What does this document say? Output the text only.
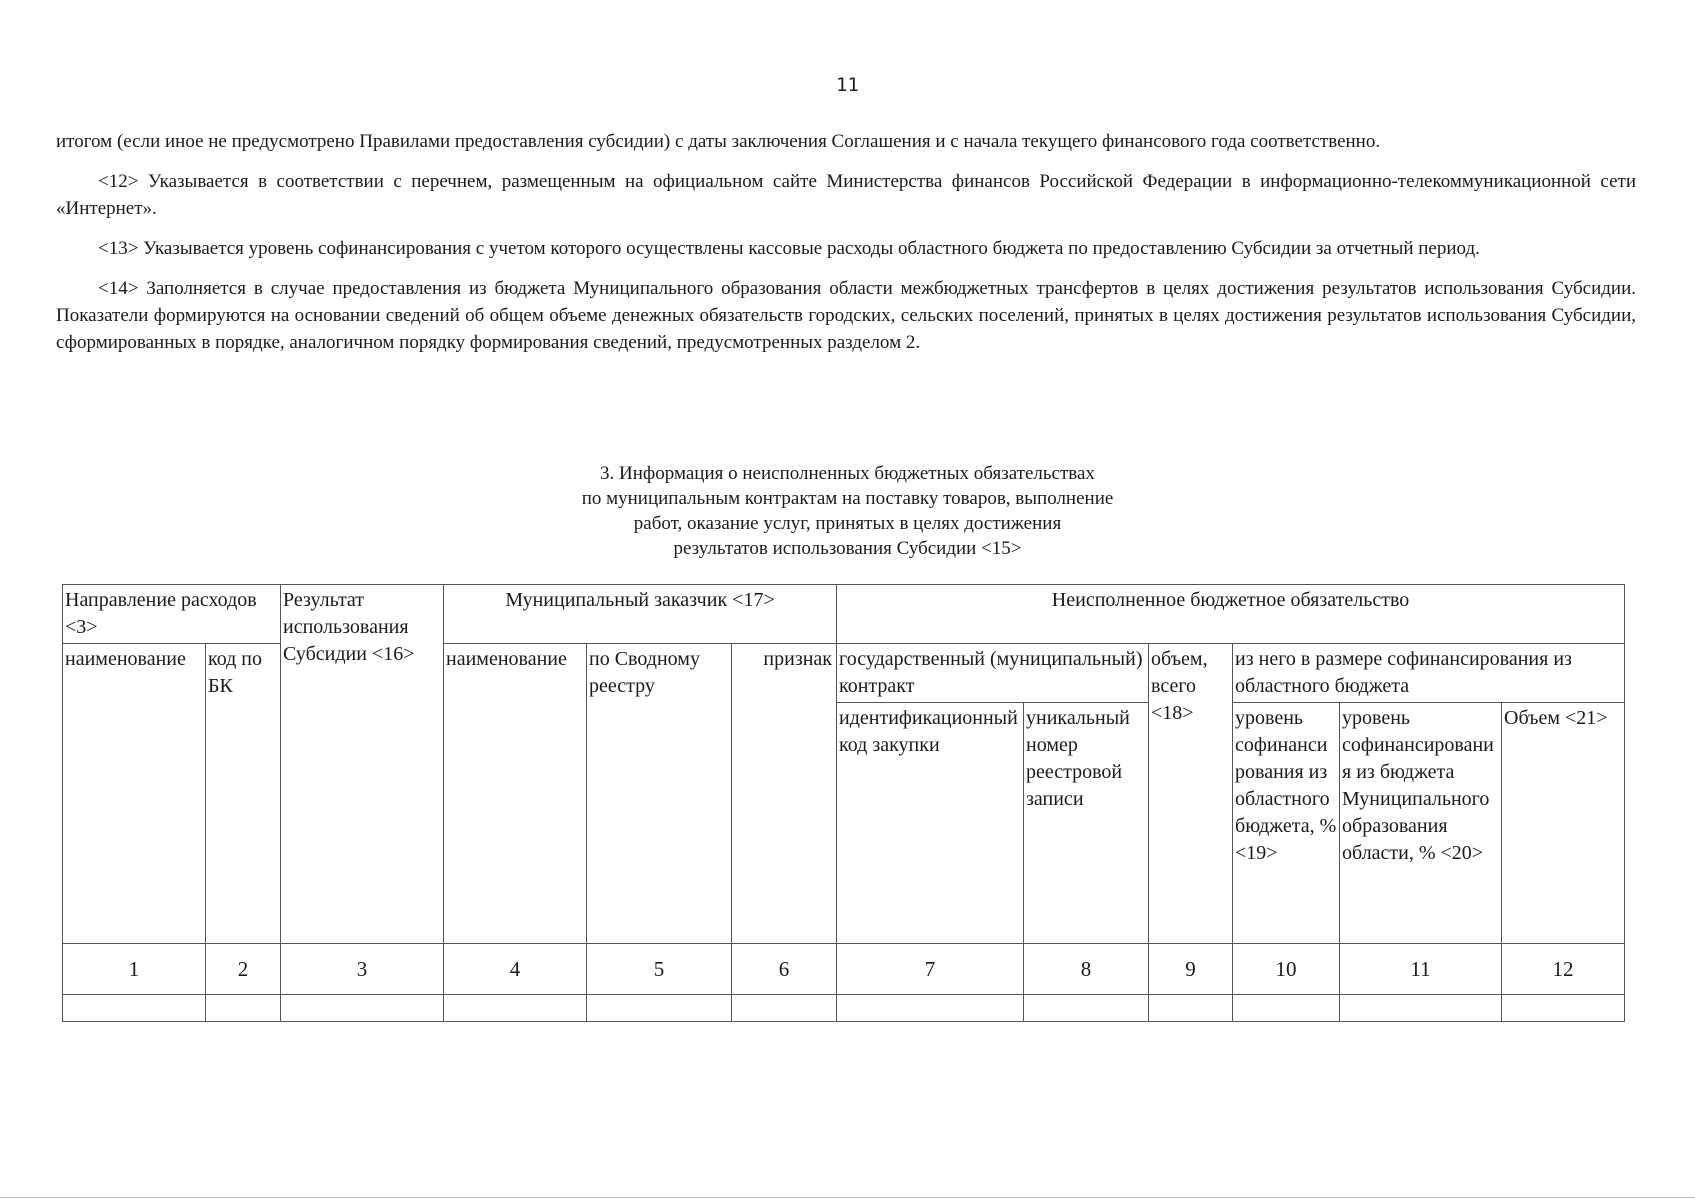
11

итогом (если иное не предусмотрено Правилами предоставления субсидии) с даты заключения Соглашения и с начала текущего финансового года соответственно.

<12> Указывается в соответствии с перечнем, размещенным на официальном сайте Министерства финансов Российской Федерации в информационно-телекоммуникационной сети «Интернет».

<13> Указывается уровень софинансирования с учетом которого осуществлены кассовые расходы областного бюджета по предоставлению Субсидии за отчетный период.

<14> Заполняется в случае предоставления из бюджета Муниципального образования области межбюджетных трансфертов в целях достижения результатов использования Субсидии. Показатели формируются на основании сведений об общем объеме денежных обязательств городских, сельских поселений, принятых в целях достижения результатов использования Субсидии, сформированных в порядке, аналогичном порядку формирования сведений, предусмотренных разделом 2.

3. Информация о неисполненных бюджетных обязательствах
по муниципальным контрактам на поставку товаров, выполнение
работ, оказание услуг, принятых в целях достижения
результатов использования Субсидии <15>
Направление расходов <3>		Результат использования Субсидии <16>	Муниципальный заказчик <17>			Неисполненное бюджетное обязательство					
наименование	код по БК		наименование	по Сводному реестру	признак	государственный (муниципальный) контракт		объем, всего <18>	из него в размере софинансирования из областного бюджета		
						идентификационный код закупки	уникальный номер реестровой записи		уровень софинансирования из областного бюджета, % <19>	уровень софинансирования из бюджета Муниципального образования области, % <20>	Объем <21>
1	2	3	4	5	6	7	8	9	10	11	12
